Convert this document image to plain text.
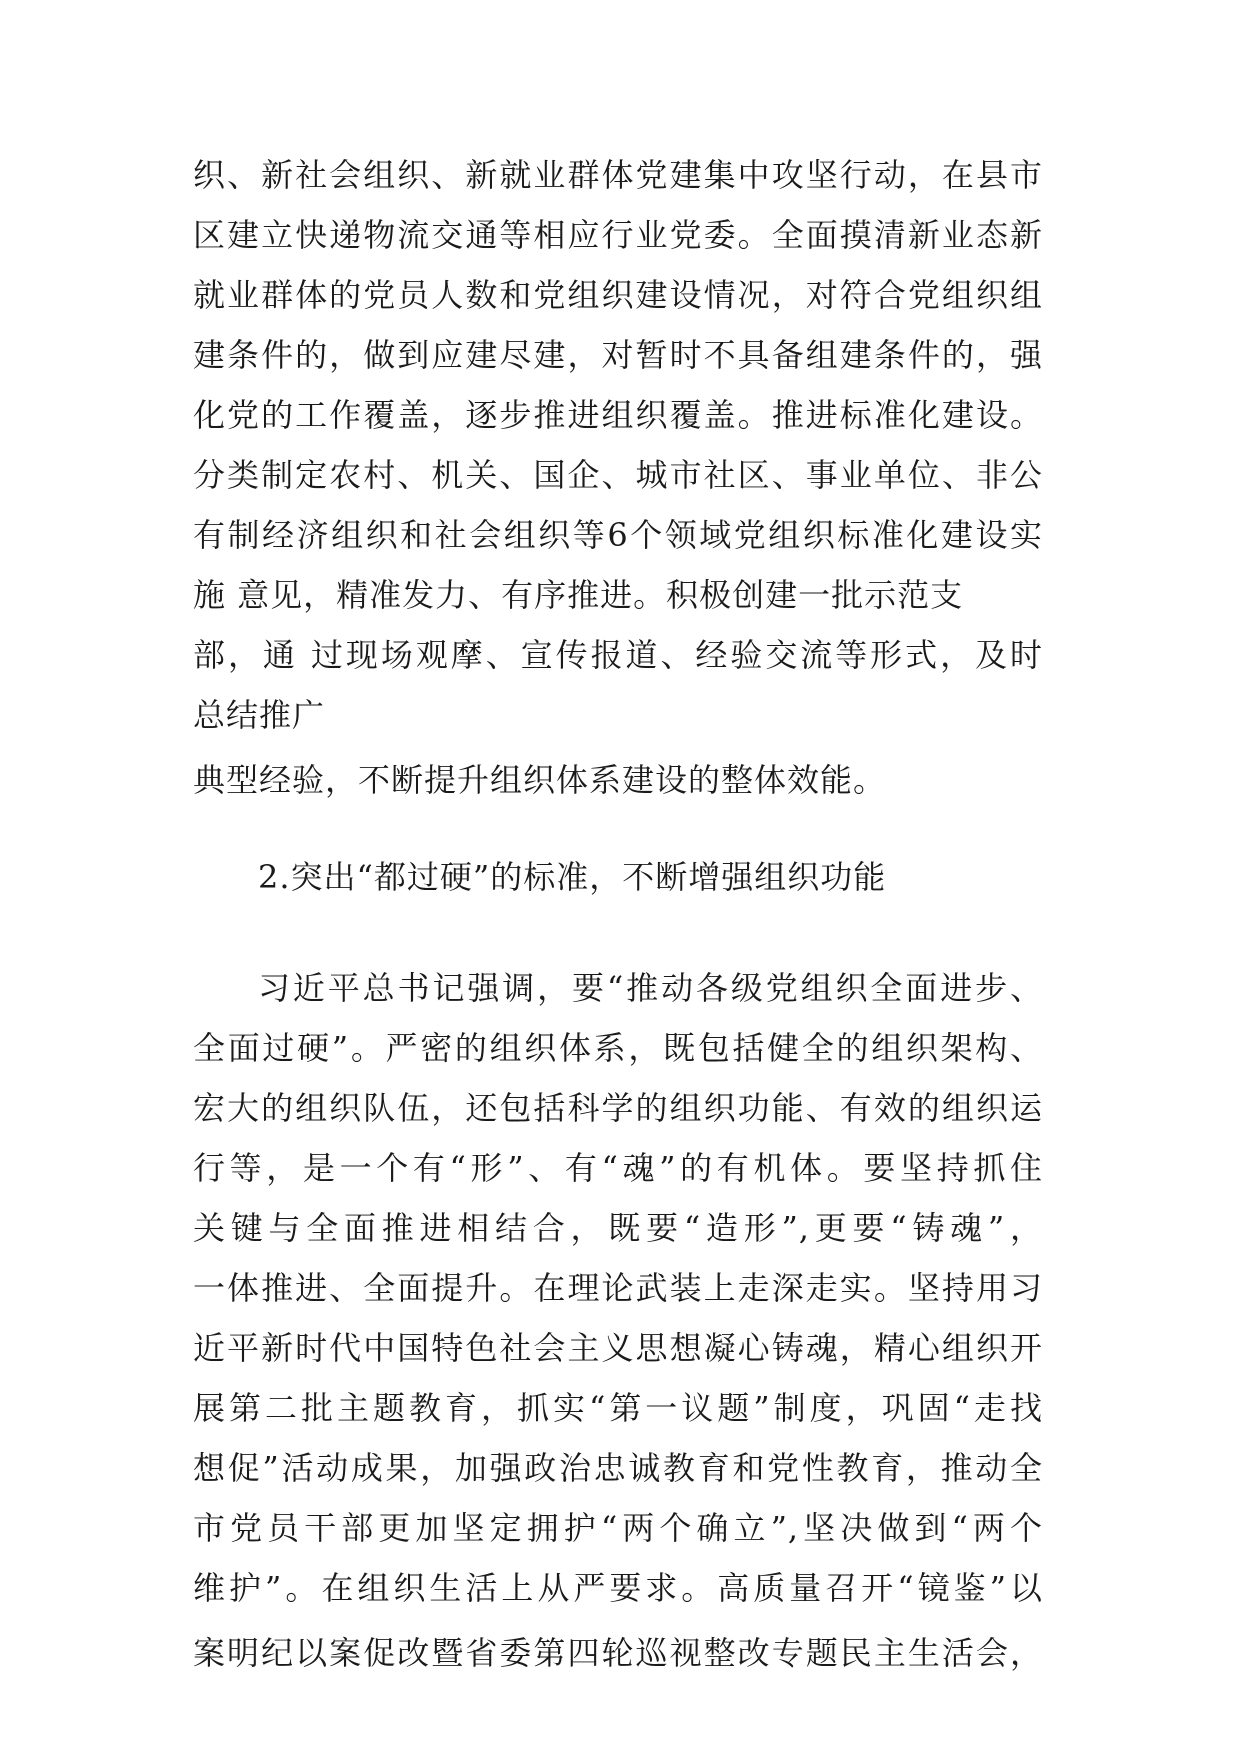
织、新社会组织、新就业群体党建集中攻坚行动，在县市
区建立快递物流交通等相应行业党委。全面摸清新业态新
就业群体的党员人数和党组织建设情况，对符合党组织组
建条件的，做到应建尽建，对暂时不具备组建条件的，强
化党的工作覆盖，逐步推进组织覆盖。推进标准化建设。
分类制定农村、机关、国企、城市社区、事业单位、非公
有制经济组织和社会组织等6个领域党组织标准化建设实
施 意见，精准发力、有序推进。积极创建一批示范支
部，通 过现场观摩、宣传报道、经验交流等形式，及时
总结推广
典型经验，不断提升组织体系建设的整体效能。
2.突出“都过硬”的标准，不断增强组织功能
习近平总书记强调，要“推动各级党组织全面进步、
全面过硬”。严密的组织体系，既包括健全的组织架构、
宏大的组织队伍，还包括科学的组织功能、有效的组织运
行等，是一个有“形”、有“魂”的有机体。要坚持抓住
关键与全面推进相结合，既要“造形”,更要“铸魂”，
一体推进、全面提升。在理论武装上走深走实。坚持用习
近平新时代中国特色社会主义思想凝心铸魂，精心组织开
展第二批主题教育，抓实“第一议题”制度，巩固“走找
想促”活动成果，加强政治忠诚教育和党性教育，推动全
市党员干部更加坚定拥护“两个确立”,坚决做到“两个
维护”。在组织生活上从严要求。高质量召开“镜鉴”以
案明纪以案促改暨省委第四轮巡视整改专题民主生活会，
